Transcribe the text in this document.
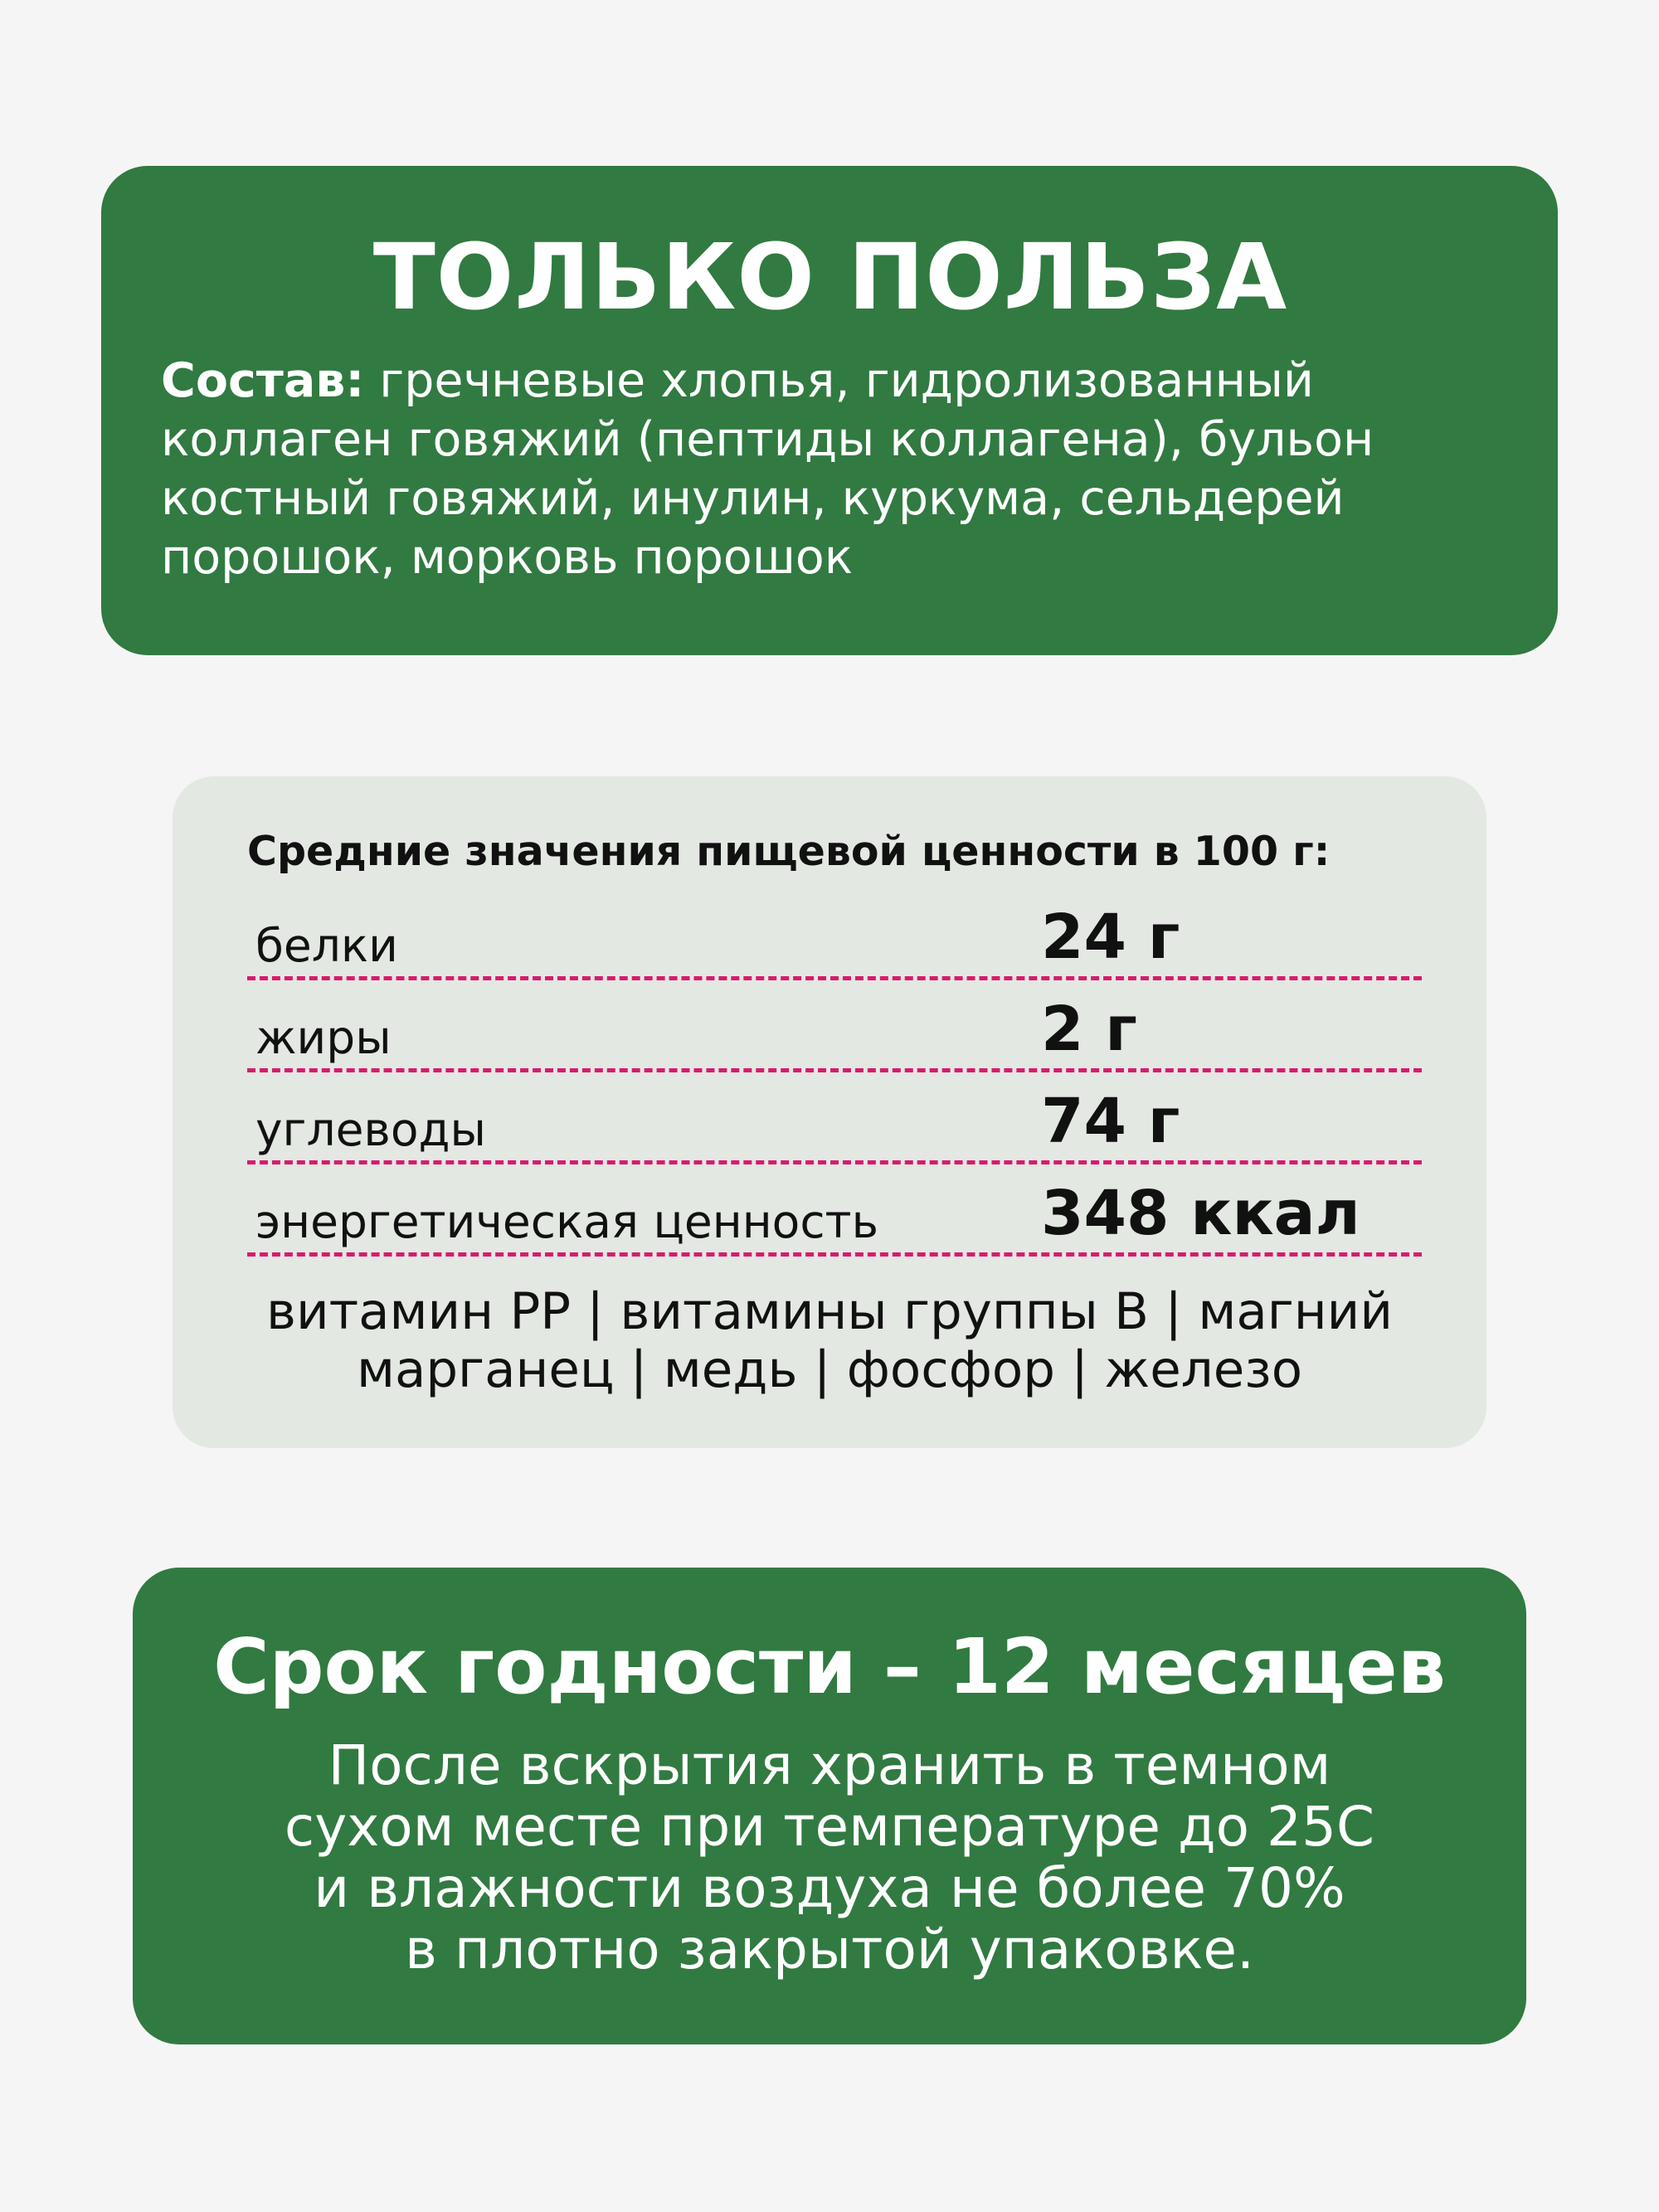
ТОЛЬКО ПОЛЬЗА

Состав: гречневые хлопья, гидролизованный коллаген говяжий (пептиды коллагена), бульон костный говяжий, инулин, куркума, сельдерей порошок, морковь порошок

Средние значения пищевой ценности в 100 г:
белки	24 г
жиры	2 г
углеводы	74 г
энергетическая ценность	348 ккал

витамин PP | витамины группы B | магний
марганец | медь | фосфор | железо

Срок годности – 12 месяцев

После вскрытия хранить в темном
сухом месте при температуре до 25С
и влажности воздуха не более 70%
в плотно закрытой упаковке.
